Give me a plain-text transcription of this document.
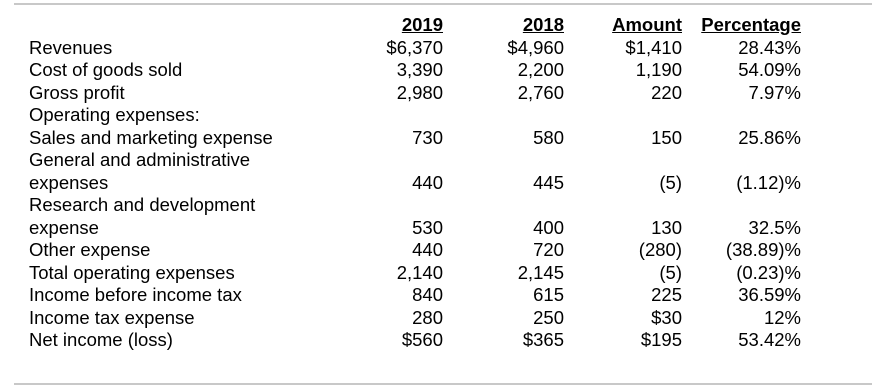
	2019	2018	Amount	Percentage
Revenues	$6,370	$4,960	$1,410	28.43%
Cost of goods sold	3,390	2,200	1,190	54.09%
Gross profit	2,980	2,760	220	7.97%
Operating expenses:				
Sales and marketing expense	730	580	150	25.86%

General and administrative
expenses	440	445	(5)	(1.12)%

Research and development
expense	530	400	130	32.5%
Other expense	440	720	(280)	(38.89)%
Total operating expenses	2,140	2,145	(5)	(0.23)%
Income before income tax	840	615	225	36.59%
Income tax expense	280	250	$30	12%
Net income (loss)	$560	$365	$195	53.42%
